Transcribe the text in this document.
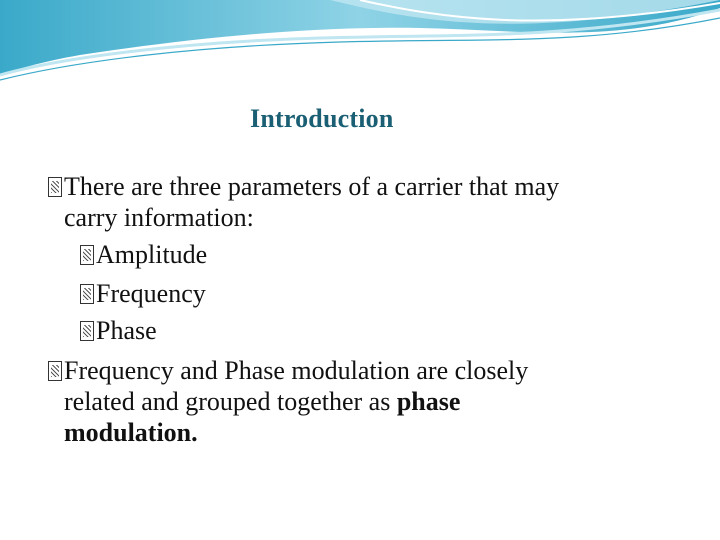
Introduction
There are three parameters of a carrier that may
carry information:
Amplitude
Frequency
Phase
Frequency and Phase modulation are closely
related and grouped together as phase
modulation.
